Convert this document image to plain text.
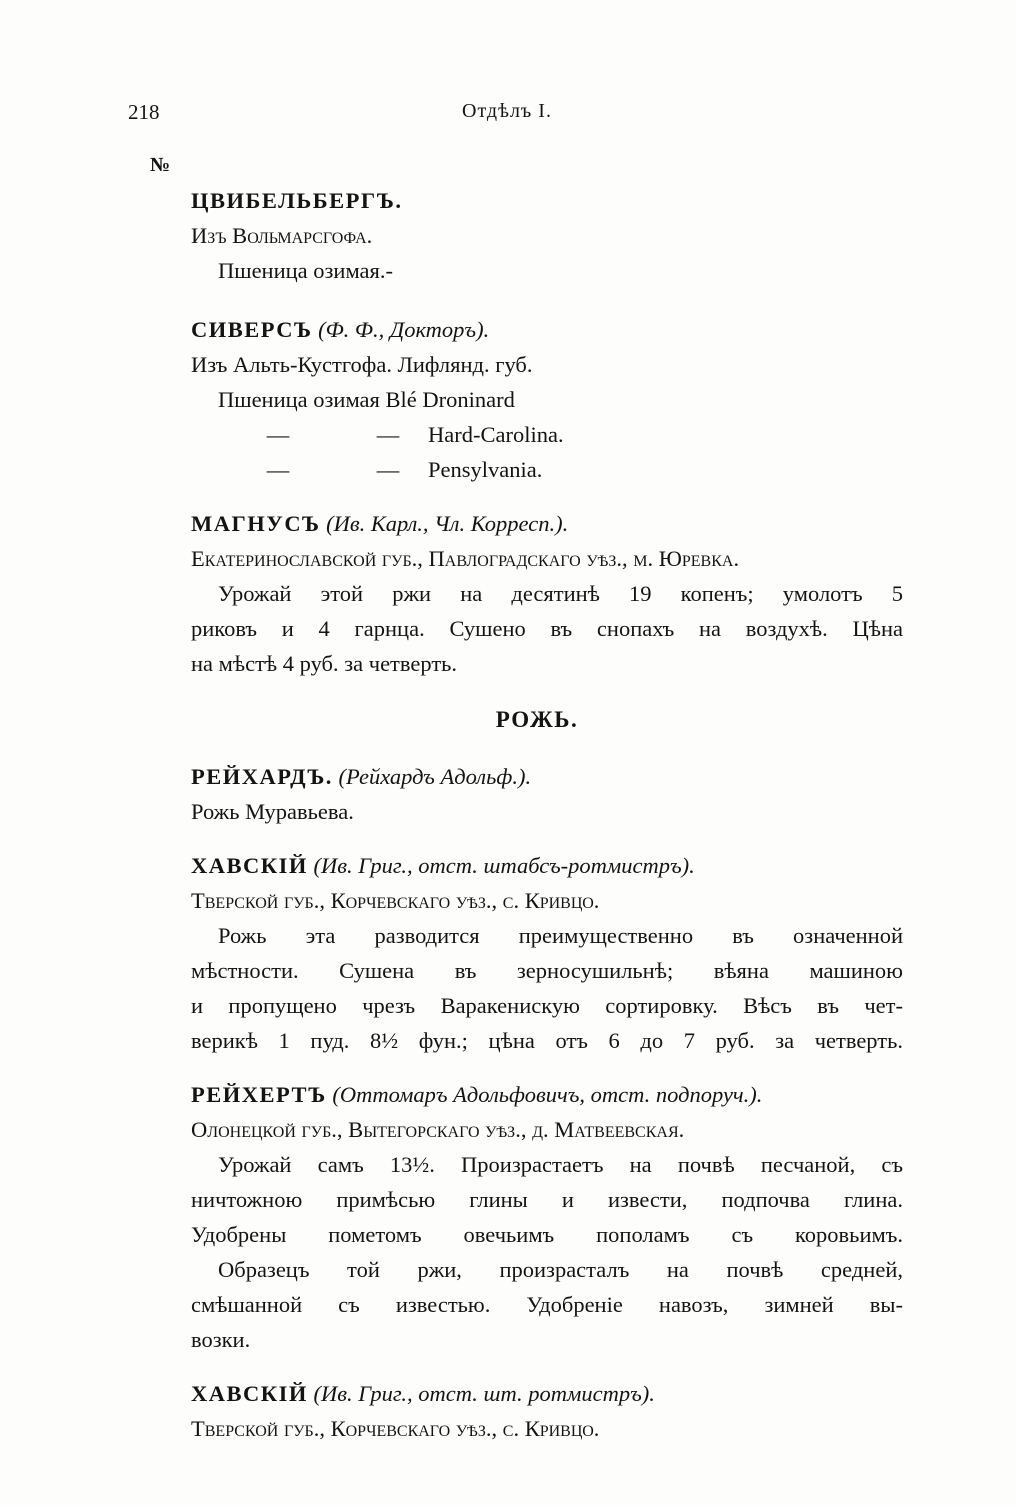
218	Отдѣлъ I.
№
ЦВИБЕЛЬБЕРГЪ.
Изъ Вольмарсгофа.
Пшеница озимая.-
СИВЕРСЪ (Ф. Ф., Докторъ).
Изъ Альть-Кустгофа. Лифлянд. губ.
Пшеница озимая Blé Droninard
—	—	Hard-Carolina.
—	—	Pensylvania.
МАГНУСЪ (Ив. Карл., Чл. Корресп.).
Екатеринославской губ., Павлоградскаго уѣз., м. Юревка.
Урожай этой ржи на десятинѣ 19 копенъ; умолотъ 5
риковъ и 4 гарнца. Сушено въ снопахъ на воздухѣ. Цѣна
на мѣстѣ 4 руб. за четверть.
РОЖЬ.
РЕЙХАРДЪ. (Рейхардъ Адольф.).
Рожь Муравьева.
ХАВСКІЙ (Ив. Григ., отст. штабсъ-ротмистръ).
Тверской губ., Корчевскаго уѣз., с. Кривцо.
Рожь эта разводится преимущественно въ означенной
мѣстности. Сушена въ зерносушильнѣ; вѣяна машиною
и пропущено чрезъ Варакенискую сортировку. Вѣсъ въ чет-
верикѣ 1 пуд. 8½ фун.; цѣна отъ 6 до 7 руб. за четверть.
РЕЙХЕРТЪ (Оттомаръ Адольфовичъ, отст. подпоруч.).
Олонецкой губ., Вытегорскаго уѣз., д. Матвеевская.
Урожай самъ 13½. Произрастаетъ на почвѣ песчаной, съ
ничтожною примѣсью глины и извести, подпочва глина.
Удобрены пометомъ овечьимъ пополамъ съ коровьимъ.
Образецъ той ржи, произрасталъ на почвѣ средней,
смѣшанной съ известью. Удобреніе навозъ, зимней вы-
возки.
ХАВСКІЙ (Ив. Григ., отст. шт. ротмистръ).
Тверской губ., Корчевскаго уѣз., с. Кривцо.
